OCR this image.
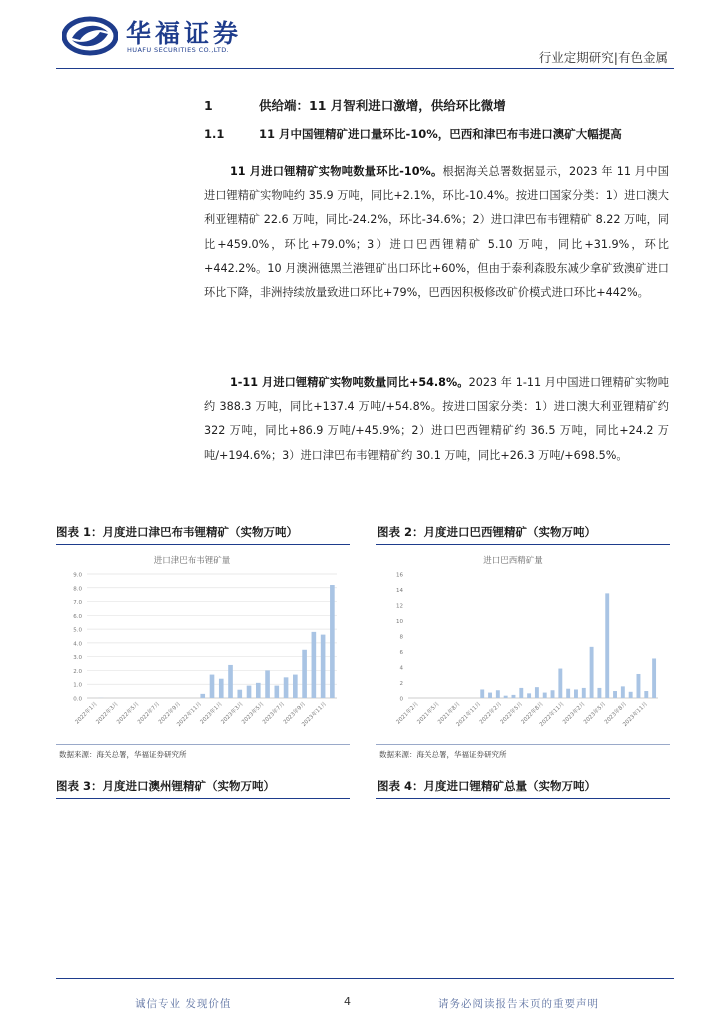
华福证券
HUAFU SECURITIES CO.,LTD.	行业定期研究|有色金属
1	供给端：11 月智利进口激增，供给环比微增
1.1	11 月中国锂精矿进口量环比-10%，巴西和津巴布韦进口澳矿大幅提高
11 月进口锂精矿实物吨数量环比-10%。根据海关总署数据显示，2023 年 11 月中国进口锂精矿实物吨约 35.9 万吨，同比+2.1%，环比-10.4%。按进口国家分类：1）进口澳大利亚锂精矿 22.6 万吨，同比-24.2%，环比-34.6%；2）进口津巴布韦锂精矿 8.22 万吨，同比+459.0%，环比+79.0%；3）进口巴西锂精矿 5.10 万吨，同比+31.9%，环比+442.2%。10 月澳洲德黑兰港锂矿出口环比+60%，但由于泰利森股东减少拿矿致澳矿进口环比下降，非洲持续放量致进口环比+79%，巴西因积极修改矿价模式进口环比+442%。
1-11 月进口锂精矿实物吨数量同比+54.8%。2023 年 1-11 月中国进口锂精矿实物吨约 388.3 万吨，同比+137.4 万吨/+54.8%。按进口国家分类：1）进口澳大利亚锂精矿约 322 万吨，同比+86.9 万吨/+45.9%；2）进口巴西锂精矿约 36.5 万吨，同比+24.2 万吨/+194.6%；3）进口津巴布韦锂精矿约 30.1 万吨，同比+26.3 万吨/+698.5%。
图表 1：月度进口津巴布韦锂精矿（实物万吨）
进口津巴布韦锂矿量
0.0
1.0
2.0
3.0
4.0
5.0
6.0
7.0
8.0
9.0
2022年1月
2022年3月
2022年5月
2022年7月
2022年9月
2022年11月
2023年1月
2023年3月
2023年5月
2023年7月
2023年9月
2023年11月
数据来源：海关总署，华福证券研究所
图表 2：月度进口巴西锂精矿（实物万吨）
进口巴西精矿量
0
2
4
6
8
10
12
14
16
2021年2月
2021年5月
2021年8月
2021年11月
2022年2月
2022年5月
2022年8月
2022年11月
2023年2月
2023年5月
2023年8月
2023年11月
数据来源：海关总署，华福证券研究所
图表 3：月度进口澳州锂精矿（实物万吨）	图表 4：月度进口锂精矿总量（实物万吨）
诚信专业 发现价值	4	请务必阅读报告末页的重要声明
